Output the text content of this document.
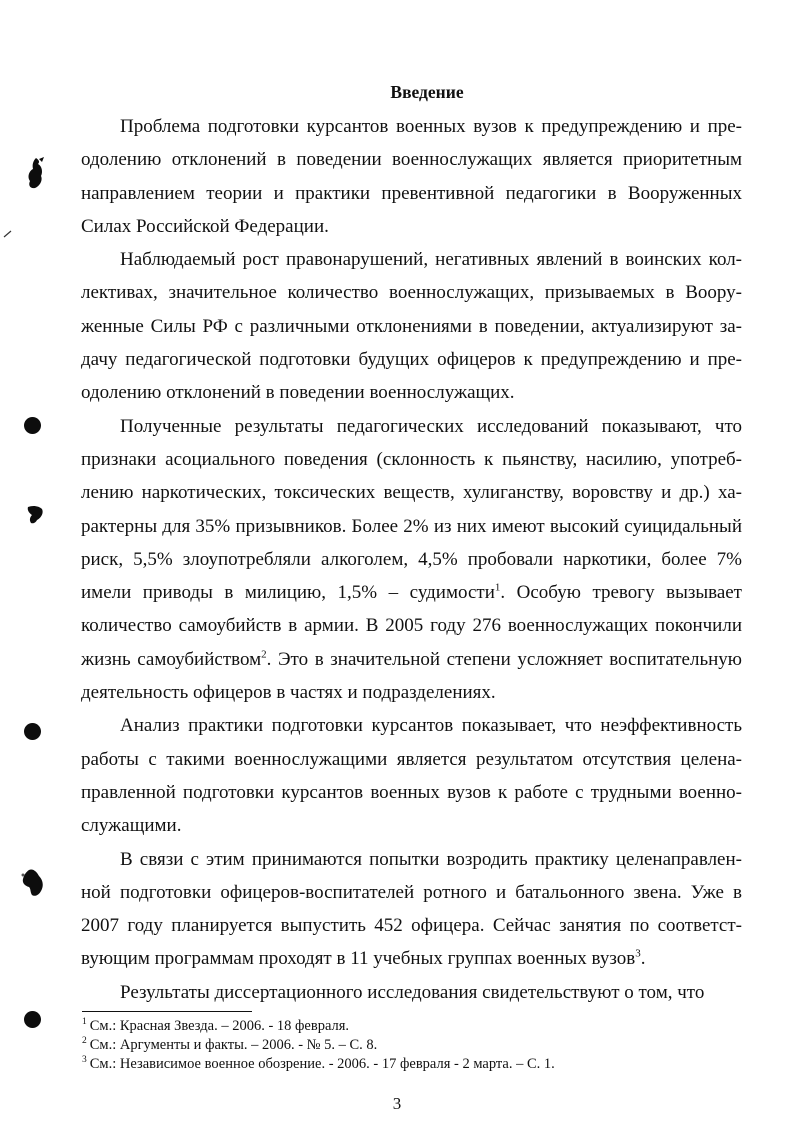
Введение

Проблема подготовки курсантов военных вузов к предупреждению и преодолению отклонений в поведении военнослужащих является приоритетным направлением теории и практики превентивной педагогики в Вооруженных Силах Российской Федерации.

Наблюдаемый рост правонарушений, негативных явлений в воинских коллективах, значительное количество военнослужащих, призываемых в Вооруженные Силы РФ с различными отклонениями в поведении, актуализируют задачу педагогической подготовки будущих офицеров к предупреждению и преодолению отклонений в поведении военнослужащих.

Полученные результаты педагогических исследований показывают, что признаки асоциального поведения (склонность к пьянству, насилию, употреблению наркотических, токсических веществ, хулиганству, воровству и др.) характерны для 35% призывников. Более 2% из них имеют высокий суицидальный риск, 5,5% злоупотребляли алкоголем, 4,5% пробовали наркотики, более 7% имели приводы в милицию, 1,5% – судимости$^1$. Особую тревогу вызывает количество самоубийств в армии. В 2005 году 276 военнослужащих покончили жизнь самоубийством$^2$. Это в значительной степени усложняет воспитательную деятельность офицеров в частях и подразделениях.

Анализ практики подготовки курсантов показывает, что неэффективность работы с такими военнослужащими является результатом отсутствия целенаправленной подготовки курсантов военных вузов к работе с трудными военнослужащими.

В связи с этим принимаются попытки возродить практику целенаправленной подготовки офицеров-воспитателей ротного и батальонного звена. Уже в 2007 году планируется выпустить 452 офицера. Сейчас занятия по соответствующим программам проходят в 11 учебных группах военных вузов$^3$.

Результаты диссертационного исследования свидетельствуют о том, что

$^1$ См.: Красная Звезда. – 2006. - 18 февраля.
$^2$ См.: Аргументы и факты. – 2006. - № 5. – С. 8.
$^3$ См.: Независимое военное обозрение. - 2006. - 17 февраля - 2 марта. – С. 1.
3
